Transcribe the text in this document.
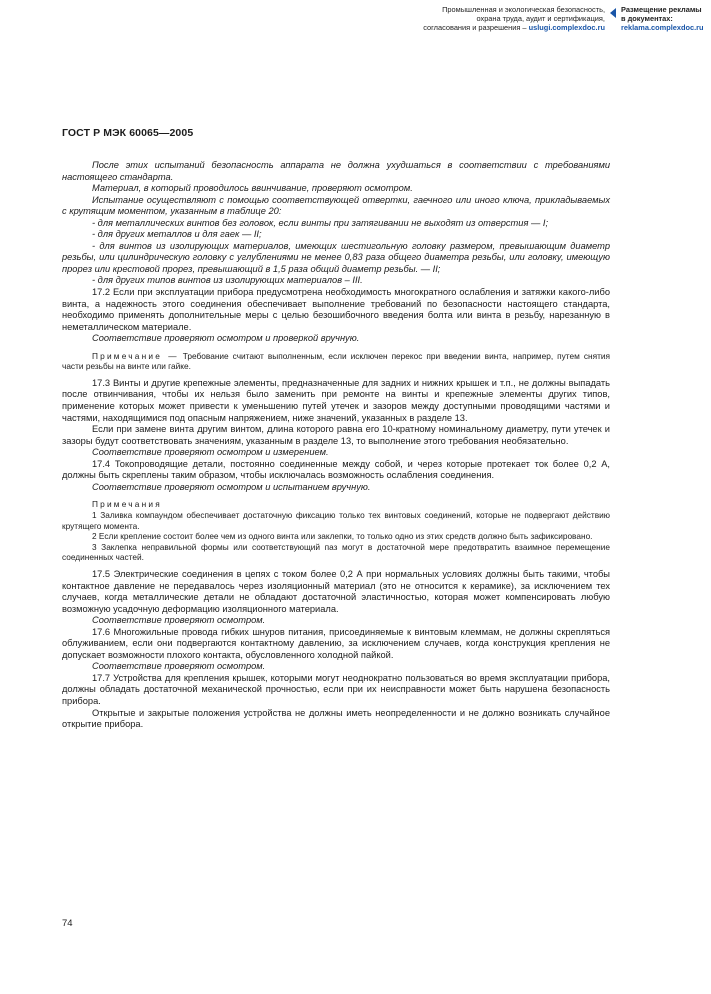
Промышленная и экологическая безопасность,
охрана труда, аудит и сертификация,
согласования и разрешения – uslugi.complexdoc.ru
Размещение рекламы
в документах:
reklama.complexdoc.ru
ГОСТ Р МЭК 60065—2005

После этих испытаний безопасность аппарата не должна ухудшаться в соответствии с требованиями настоящего стандарта.

Материал, в который проводилось ввинчивание, проверяют осмотром.

Испытание осуществляют с помощью соответствующей отвертки, гаечного или иного ключа, прикладываемых с крутящим моментом, указанным в таблице 20:

- для металлических винтов без головок, если винты при затягивании не выходят из отверстия — I;

- для других металлов и для гаек — II;

- для винтов из изолирующих материалов, имеющих шестигольную головку размером, превышающим диаметр резьбы, или цилиндрическую головку с углублениями не менее 0,83 раза общего диаметра резьбы, или головку, имеющую прорез или крестовой прорез, превышающий в 1,5 раза общий диаметр резьбы. — II;

- для других типов винтов из изолирующих материалов – III.

17.2 Если при эксплуатации прибора предусмотрена необходимость многократного ослабления и затяжки какого-либо винта, а надежность этого соединения обеспечивает выполнение требований по безопасности настоящего стандарта, необходимо применять дополнительные меры с целью безошибочного введения болта или винта в резьбу, нарезанную в неметаллическом материале.

Соответствие проверяют осмотром и проверкой вручную.

Примечание — Требование считают выполненным, если исключен перекос при введении винта, например, путем снятия части резьбы на винте или гайке.

17.3 Винты и другие крепежные элементы, предназначенные для задних и нижних крышек и т.п., не должны выпадать после отвинчивания, чтобы их нельзя было заменить при ремонте на винты и крепежные элементы других типов, применение которых может привести к уменьшению путей утечек и зазоров между доступными проводящими частями и частями, находящимися под опасным напряжением, ниже значений, указанных в разделе 13.

Если при замене винта другим винтом, длина которого равна его 10-кратному номинальному диаметру, пути утечек и зазоры будут соответствовать значениям, указанным в разделе 13, то выполнение этого требования необязательно.

Соответствие проверяют осмотром и измерением.

17.4 Токопроводящие детали, постоянно соединенные между собой, и через которые протекает ток более 0,2 А, должны быть скреплены таким образом, чтобы исключалась возможность ослабления соединения.

Соответствие проверяют осмотром и испытанием вручную.

Примечания

1 Заливка компаундом обеспечивает достаточную фиксацию только тех винтовых соединений, которые не подвергают действию крутящего момента.

2 Если крепление состоит более чем из одного винта или заклепки, то только одно из этих средств должно быть зафиксировано.

3 Заклепка неправильной формы или соответствующий паз могут в достаточной мере предотвратить взаимное перемещение соединенных частей.

17.5 Электрические соединения в цепях с током более 0,2 А при нормальных условиях должны быть такими, чтобы контактное давление не передавалось через изоляционный материал (это не относится к керамике), за исключением тех случаев, когда металлические детали не обладают достаточной эластичностью, которая может компенсировать любую возможную усадочную деформацию изоляционного материала.

Соответствие проверяют осмотром.

17.6 Многожильные провода гибких шнуров питания, присоединяемые к винтовым клеммам, не должны скрепляться облуживанием, если они подвергаются контактному давлению, за исключением случаев, когда конструкция крепления не допускает возможности плохого контакта, обусловленного холодной пайкой.

Соответствие проверяют осмотром.

17.7 Устройства для крепления крышек, которыми могут неоднократно пользоваться во время эксплуатации прибора, должны обладать достаточной механической прочностью, если при их неисправности может быть нарушена безопасность прибора.

Открытые и закрытые положения устройства не должны иметь неопределенности и не должно возникать случайное открытие прибора.

74
